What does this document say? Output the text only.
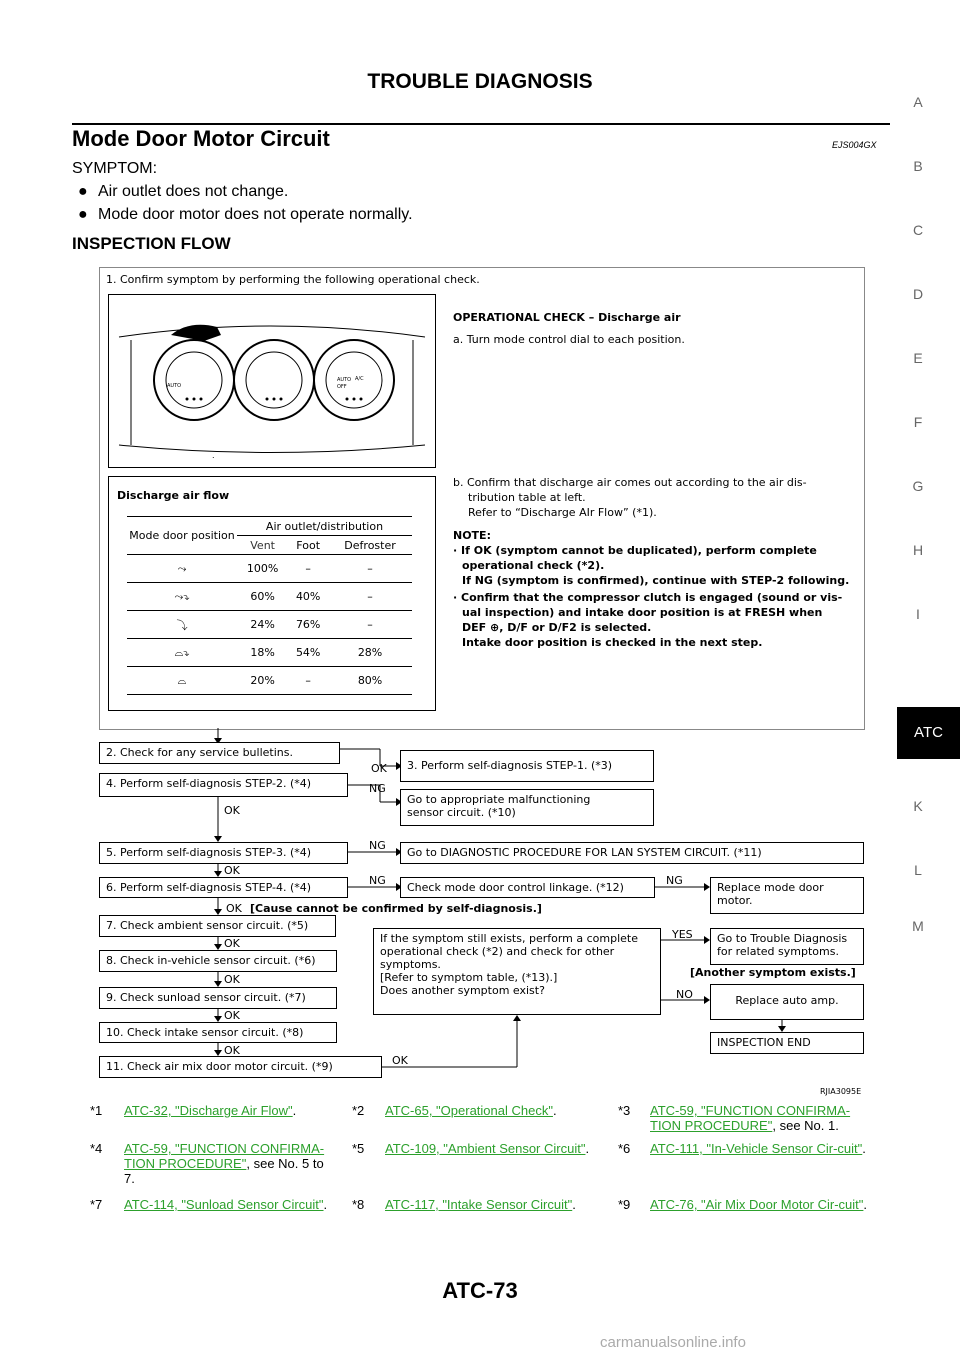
TROUBLE DIAGNOSIS
Mode Door Motor Circuit	EJS004GX
SYMPTOM:
● Air outlet does not change.
● Mode door motor does not operate normally.
INSPECTION FLOW
A
B
C
D
E
F
G
H
I
ATC
K
L
M
1. Confirm symptom by performing the following operational check.
AUTO
AUTO
OFF
A/C
.
OPERATIONAL CHECK – Discharge air
a. Turn mode control dial to each position.
b. Confirm that discharge air comes out according to the air dis-
tribution table at left.
Refer to “Discharge AIr Flow” (*1).
NOTE:
· If OK (symptom cannot be duplicated), perform complete
operational check (*2).
If NG (symptom is confirmed), continue with STEP-2 following.
· Confirm that the compressor clutch is engaged (sound or vis-
ual inspection) and intake door position is at FRESH when
DEF ⊕, D/F or D/F2 is selected.
Intake door position is checked in the next step.
Discharge air flow
Mode door position	Air outlet/distribution		
	Vent	Foot	Defroster
⤳	100%	–	–
⤳⤵	60%	40%	–
⤵	24%	76%	–
⌓⤵	18%	54%	28%
⌓	20%	–	80%
2. Check for any service bulletins.
3. Perform self-diagnosis STEP-1. (*3)
4. Perform self-diagnosis STEP-2. (*4)
Go to appropriate malfunctioning
sensor circuit. (*10)
5. Perform self-diagnosis STEP-3. (*4)	Go to DIAGNOSTIC PROCEDURE FOR LAN SYSTEM CIRCUIT. (*11)
6. Perform self-diagnosis STEP-4. (*4)	Check mode door control linkage. (*12)	Replace mode door
motor.
7. Check ambient sensor circuit. (*5)
8. Check in-vehicle sensor circuit. (*6)
9. Check sunload sensor circuit. (*7)
10. Check intake sensor circuit. (*8)
11. Check air mix door motor circuit. (*9)
If the symptom still exists, perform a complete
operational check (*2) and check for other
symptoms.
[Refer to symptom table, (*13).]
Does another symptom exist?
Go to Trouble Diagnosis
for related symptoms.
Replace auto amp.
INSPECTION END
OK
NG
OK
NG
OK
NG	NG
OK [Cause cannot be confirmed by self-diagnosis.]
OK
OK
OK
OK
OK
YES
[Another symptom exists.]
NO
RJIA3095E
*1 ATC-32, "Discharge Air Flow".	*2 ATC-65, "Operational Check".	*3 ATC-59, "FUNCTION CONFIRMA-TION PROCEDURE", see No. 1.
*4 ATC-59, "FUNCTION CONFIRMA-TION PROCEDURE", see No. 5 to 7.
*5 ATC-109, "Ambient Sensor Circuit".	*6 ATC-111, "In-Vehicle Sensor Cir-cuit".
*7 ATC-114, "Sunload Sensor Circuit".	*8 ATC-117, "Intake Sensor Circuit".	*9 ATC-76, "Air Mix Door Motor Cir-cuit".
ATC-73
carmanualsonline.info
